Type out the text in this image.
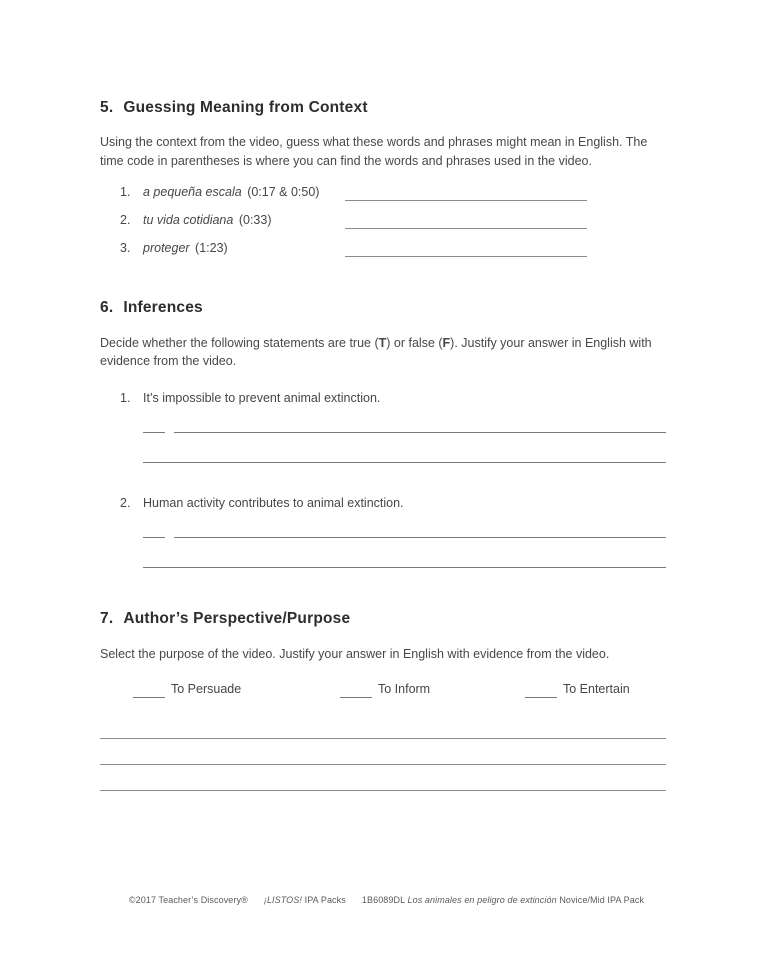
5. Guessing Meaning from Context

Using the context from the video, guess what these words and phrases might mean in English. The time code in parentheses is where you can find the words and phrases used in the video.

1.	a pequeña escala (0:17 & 0:50)
2.	tu vida cotidiana (0:33)
3.	proteger (1:23)
6. Inferences

Decide whether the following statements are true (T) or false (F). Justify your answer in English with evidence from the video.

1.	It’s impossible to prevent animal extinction.
2.	Human activity contributes to animal extinction.
7. Author’s Perspective/Purpose

Select the purpose of the video. Justify your answer in English with evidence from the video.

To Persuade	To Inform	To Entertain
©2017 Teacher’s Discovery® ¡LISTOS! IPA Packs 1B6089DL Los animales en peligro de extinción Novice/Mid IPA Pack
